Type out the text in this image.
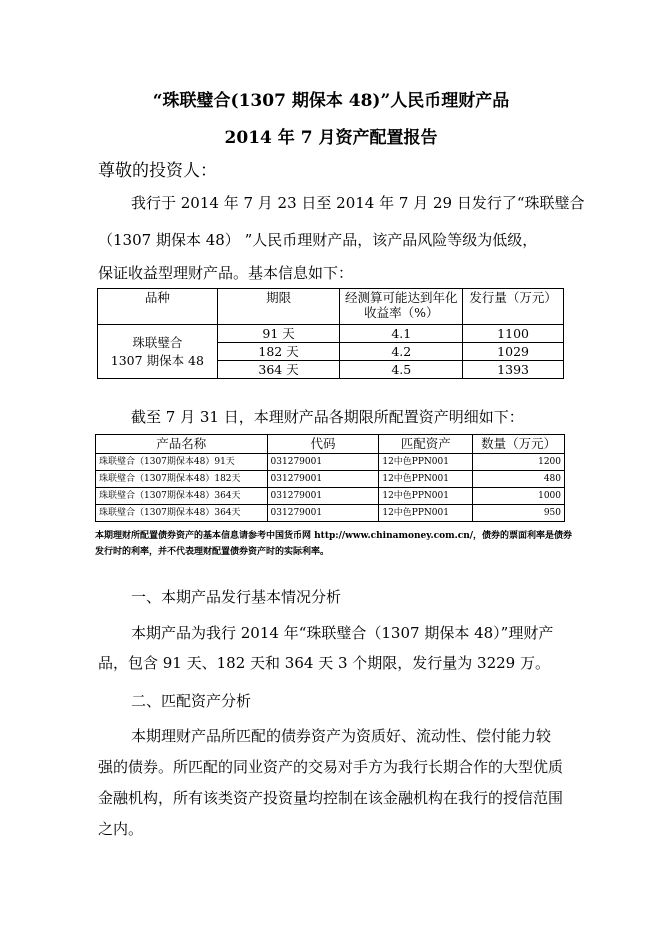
“珠联璧合(1307 期保本 48)”人民币理财产品
2014 年 7 月资产配置报告
尊敬的投资人：
我行于 2014 年 7 月 23 日至 2014 年 7 月 29 日发行了“珠联璧合
（1307 期保本 48） ”人民币理财产品，该产品风险等级为低级，
保证收益型理财产品。基本信息如下：
品种	期限	经测算可能达到年化收益率（%）	发行量（万元）
珠联璧合
1307 期保本 48	91 天	4.1	1100
	182 天	4.2	1029
	364 天	4.5	1393
截至 7 月 31 日，本理财产品各期限所配置资产明细如下：
产品名称	代码	匹配资产	数量（万元）
珠联璧合（1307期保本48）91天	031279001	12中色PPN001	1200
珠联璧合（1307期保本48）182天	031279001	12中色PPN001	480
珠联璧合（1307期保本48）364天	031279001	12中色PPN001	1000
珠联璧合（1307期保本48）364天	031279001	12中色PPN001	950
本期理财所配置债券资产的基本信息请参考中国货币网 http://www.chinamoney.com.cn/，债券的票面利率是债券发行时的利率，并不代表理财配置债券资产时的实际利率。
一、本期产品发行基本情况分析
本期产品为我行 2014 年“珠联璧合（1307 期保本 48）”理财产品，包含 91 天、182 天和 364 天 3 个期限，发行量为 3229 万。
二、匹配资产分析
本期理财产品所匹配的债券资产为资质好、流动性、偿付能力较强的债券。所匹配的同业资产的交易对手方为我行长期合作的大型优质金融机构，所有该类资产投资量均控制在该金融机构在我行的授信范围之内。
